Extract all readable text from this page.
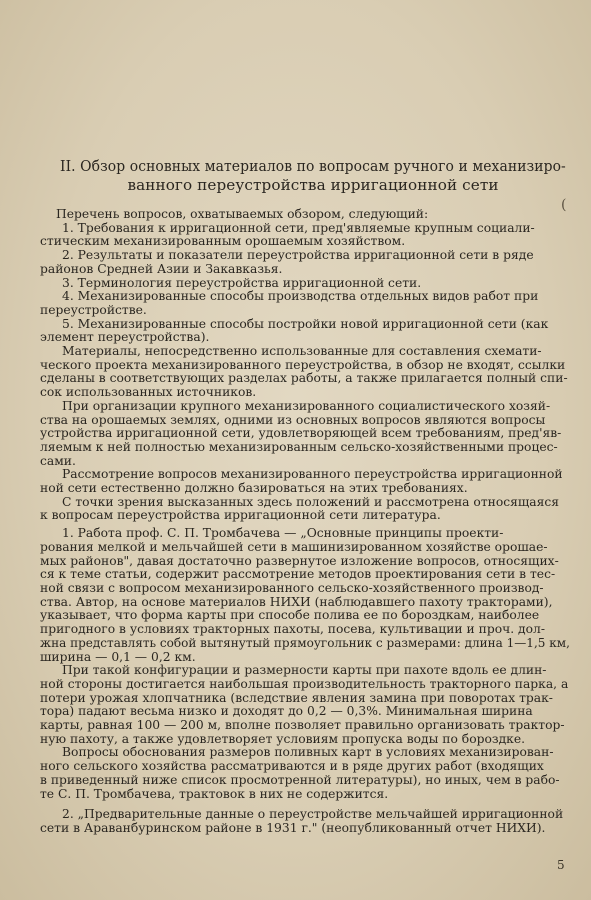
II. Обзор основных материалов по вопросам ручного и механизиро-
ванного переустройства ирригационной сети
(
Перечень вопросов, охватываемых обзором, следующий:
1. Требования к ирригационной сети, пред'являемые крупным социали-
стическим механизированным орошаемым хозяйством.
2. Результаты и показатели переустройства ирригационной сети в ряде
районов Средней Азии и Закавказья.
3. Терминология переустройства ирригационной сети.
4. Механизированные способы производства отдельных видов работ при
переустройстве.
5. Механизированные способы постройки новой ирригационной сети (как
элемент переустройства).
Материалы, непосредственно использованные для составления схемати-
ческого проекта механизированного переустройства, в обзор не входят, ссылки
сделаны в соответствующих разделах работы, а также прилагается полный спи-
сок использованных источников.
При организации крупного механизированного социалистического хозяй-
ства на орошаемых землях, одними из основных вопросов являются вопросы
устройства ирригационной сети, удовлетворяющей всем требованиям, пред'яв-
ляемым к ней полностью механизированным сельско-хозяйственными процес-
сами.
Рассмотрение вопросов механизированного переустройства ирригационной
ной сети естественно должно базироваться на этих требованиях.
С точки зрения высказанных здесь положений и рассмотрена относящаяся
к вопросам переустройства ирригационной сети литература.
1. Работа проф. С. П. Тромбачева — „Основные принципы проекти-
рования мелкой и мельчайшей сети в машинизированном хозяйстве орошае-
мых районов", давая достаточно развернутое изложение вопросов, относящих-
ся к теме статьи, содержит рассмотрение методов проектирования сети в тес-
ной связи с вопросом механизированного сельско-хозяйственного производ-
ства. Автор, на основе материалов НИХИ (наблюдавшего пахоту тракторами),
указывает, что форма карты при способе полива ее по бороздкам, наиболее
пригодного в условиях тракторных пахоты, посева, культивации и проч. дол-
жна представлять собой вытянутый прямоугольник с размерами: длина 1—1,5 км,
ширина — 0,1 — 0,2 км.
При такой конфигурации и размерности карты при пахоте вдоль ее длин-
ной стороны достигается наибольшая производительность тракторного парка, а
потери урожая хлопчатника (вследствие явления замина при поворотах трак-
тора) падают весьма низко и доходят до 0,2 — 0,3%. Минимальная ширина
карты, равная 100 — 200 м, вполне позволяет правильно организовать трактор-
ную пахоту, а также удовлетворяет условиям пропуска воды по бороздке.
Вопросы обоснования размеров поливных карт в условиях механизирован-
ного сельского хозяйства рассматриваются и в ряде других работ (входящих
в приведенный ниже список просмотренной литературы), но иных, чем в рабо-
те С. П. Тромбачева, трактовок в них не содержится.
2. „Предварительные данные о переустройстве мельчайшей ирригационной
сети в Араванбуринском районе в 1931 г." (неопубликованный отчет НИХИ).
5
